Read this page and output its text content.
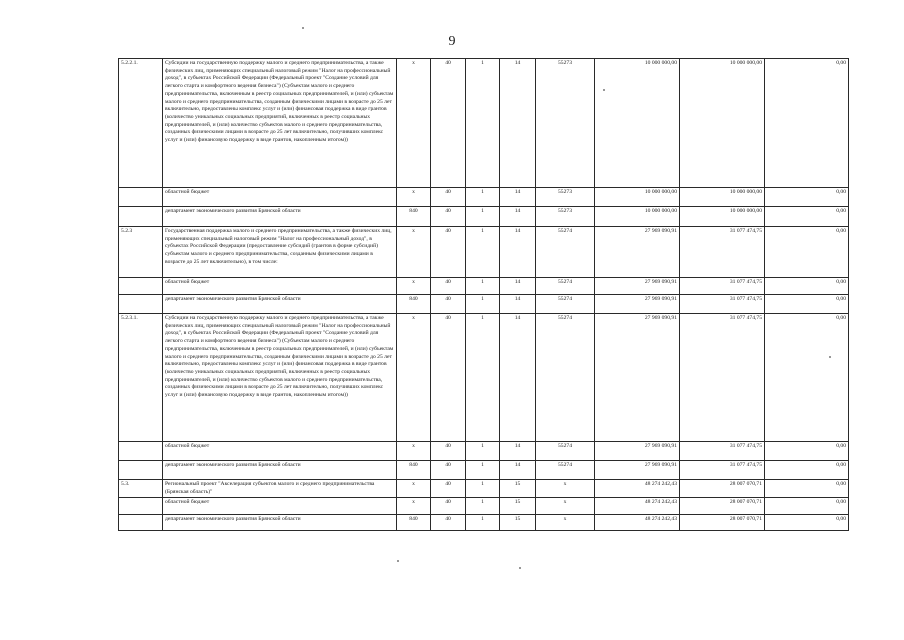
9
5.2.2.1.	Субсидии на государственную поддержку малого и среднего предпринимательства, а также физических лиц, применяющих специальный налоговый режим "Налог на профессиональный доход", в субъектах Российской Федерации (Федеральный проект "Создание условий для легкого старта и комфортного ведения бизнеса") (Субъектам малого и среднего предпринимательства, включенным в реестр социальных предпринимателей, и (или) субъектам малого и среднего предпринимательства, созданным физическими лицами в возрасте до 25 лет включительно, предоставлены комплекс услуг и (или) финансовая поддержка в виде грантов (количество уникальных социальных предприятий, включенных в реестр социальных предпринимателей, и (или) количество субъектов малого и среднего предпринимательства, созданных физическими лицами в возрасте до 25 лет включительно, получивших комплекс услуг и (или) финансовую поддержку в виде грантов, накопленным итогом))	x	40	1	14	55273	10 000 000,00	10 000 000,00	0,00
	областной бюджет	x	40	1	14	55273	10 000 000,00	10 000 000,00	0,00
	департамент экономического развития Брянской области	840	40	1	14	55273	10 000 000,00	10 000 000,00	0,00
5.2.3	Государственная поддержка малого и среднего предпринимательства, а также физических лиц, применяющих специальный налоговый режим "Налог на профессиональный доход", в субъектах Российской Федерации (предоставление субсидий (грантов в форме субсидий) субъектам малого и среднего предпринимательства, созданным физическими лицами в возрасте до 25 лет включительно), в том числе:	x	40	1	14	55274	27 969 090,91	31 077 474,75	0,00
	областной бюджет	x	40	1	14	55274	27 969 090,91	31 077 474,75	0,00
	департамент экономического развития Брянской области	840	40	1	14	55274	27 969 090,91	31 077 474,75	0,00
5.2.3.1.	Субсидии на государственную поддержку малого и среднего предпринимательства, а также физических лиц, применяющих специальный налоговый режим "Налог на профессиональный доход", в субъектах Российской Федерации (Федеральный проект "Создание условий для легкого старта и комфортного ведения бизнеса") (Субъектам малого и среднего предпринимательства, включенным в реестр социальных предпринимателей, и (или) субъектам малого и среднего предпринимательства, созданным физическими лицами в возрасте до 25 лет включительно, предоставлены комплекс услуг и (или) финансовая поддержка в виде грантов (количество уникальных социальных предприятий, включенных в реестр социальных предпринимателей, и (или) количество субъектов малого и среднего предпринимательства, созданных физическими лицами в возрасте до 25 лет включительно, получивших комплекс услуг и (или) финансовую поддержку в виде грантов, накопленным итогом))	x	40	1	14	55274	27 969 090,91	31 077 474,75	0,00
	областной бюджет	x	40	1	14	55274	27 969 090,91	31 077 474,75	0,00
	департамент экономического развития Брянской области	840	40	1	14	55274	27 969 090,91	31 077 474,75	0,00
5.3.	Региональный проект "Акселерация субъектов малого и среднего предпринимательства (Брянская область)"	x	40	1	15	x	48 274 242,43	28 007 070,71	0,00
	областной бюджет	x	40	1	15	x	48 274 242,43	28 007 070,71	0,00
	департамент экономического развития Брянской области	840	40	1	15	x	48 274 242,43	28 007 070,71	0,00
